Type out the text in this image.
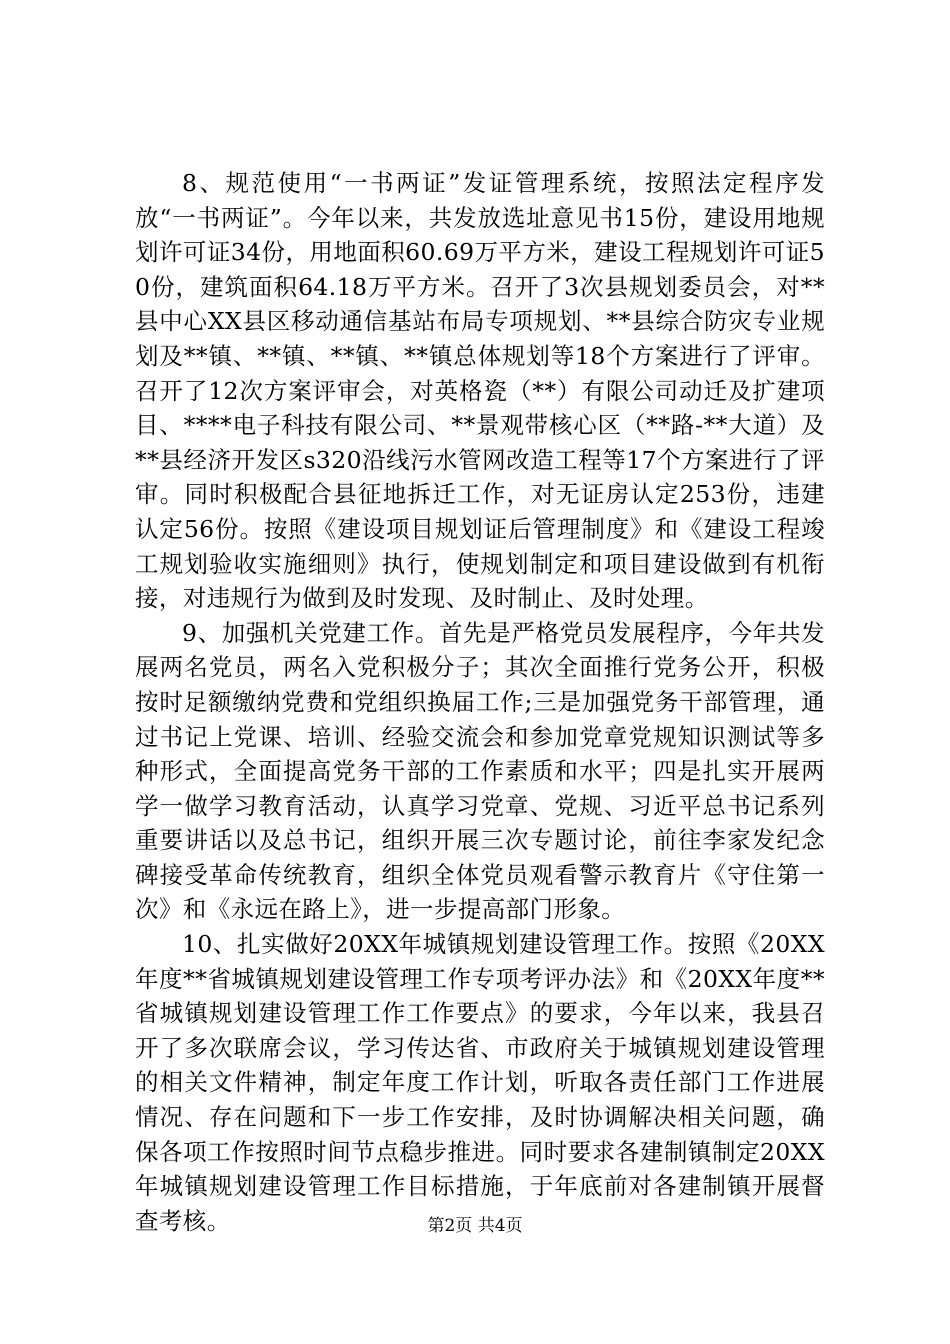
8、规范使用“一书两证”发证管理系统，按照法定程序发放“一书两证”。今年以来，共发放选址意见书15份，建设用地规划许可证34份，用地面积60.69万平方米，建设工程规划许可证50份，建筑面积64.18万平方米。召开了3次县规划委员会，对**县中心XX县区移动通信基站布局专项规划、**县综合防灾专业规划及**镇、**镇、**镇、**镇总体规划等18个方案进行了评审。召开了12次方案评审会，对英格瓷（**）有限公司动迁及扩建项目、****电子科技有限公司、**景观带核心区（**路-**大道）及**县经济开发区s320沿线污水管网改造工程等17个方案进行了评审。同时积极配合县征地拆迁工作，对无证房认定253份，违建认定56份。按照《建设项目规划证后管理制度》和《建设工程竣工规划验收实施细则》执行，使规划制定和项目建设做到有机衔接，对违规行为做到及时发现、及时制止、及时处理。

9、加强机关党建工作。首先是严格党员发展程序，今年共发展两名党员，两名入党积极分子；其次全面推行党务公开，积极按时足额缴纳党费和党组织换届工作;三是加强党务干部管理，通过书记上党课、培训、经验交流会和参加党章党规知识测试等多种形式，全面提高党务干部的工作素质和水平；四是扎实开展两学一做学习教育活动，认真学习党章、党规、习近平总书记系列重要讲话以及总书记，组织开展三次专题讨论，前往李家发纪念碑接受革命传统教育，组织全体党员观看警示教育片《守住第一次》和《永远在路上》，进一步提高部门形象。

10、扎实做好20XX年城镇规划建设管理工作。按照《20XX年度**省城镇规划建设管理工作专项考评办法》和《20XX年度**省城镇规划建设管理工作工作要点》的要求，今年以来，我县召开了多次联席会议，学习传达省、市政府关于城镇规划建设管理的相关文件精神，制定年度工作计划，听取各责任部门工作进展情况、存在问题和下一步工作安排，及时协调解决相关问题，确保各项工作按照时间节点稳步推进。同时要求各建制镇制定20XX年城镇规划建设管理工作目标措施，于年底前对各建制镇开展督查考核。	第2页 共4页
